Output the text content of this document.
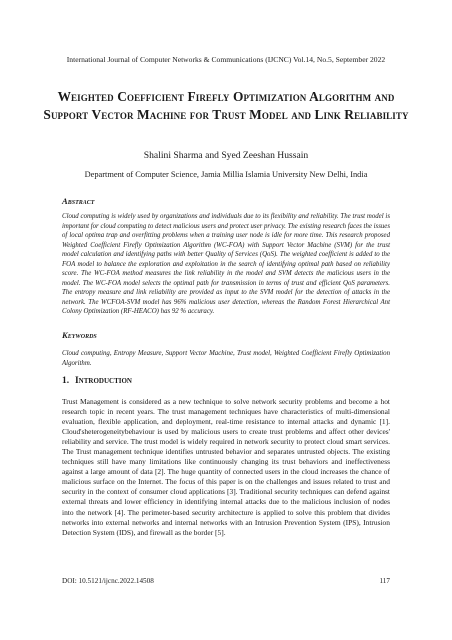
International Journal of Computer Networks & Communications (IJCNC) Vol.14, No.5, September 2022
Weighted Coefficient Firefly Optimization Algorithm and Support Vector Machine for Trust Model and Link Reliability
Shalini Sharma and Syed Zeeshan Hussain
Department of Computer Science, Jamia Millia Islamia University New Delhi, India
Abstract
Cloud computing is widely used by organizations and individuals due to its flexibility and reliability. The trust model is important for cloud computing to detect malicious users and protect user privacy. The existing research faces the issues of local optima trap and overfitting problems when a training user node is idle for more time. This research proposed Weighted Coefficient Firefly Optimization Algorithm (WC-FOA) with Support Vector Machine (SVM) for the trust model calculation and identifying paths with better Quality of Services (QoS). The weighted coefficient is added to the FOA model to balance the exploration and exploitation in the search of identifying optimal path based on reliability score. The WC-FOA method measures the link reliability in the model and SVM detects the malicious users in the model. The WC-FOA model selects the optimal path for transmission in terms of trust and efficient QoS parameters. The entropy measure and link reliability are provided as input to the SVM model for the detection of attacks in the network. The WCFOA-SVM model has 96% malicious user detection, whereas the Random Forest Hierarchical Ant Colony Optimization (RF-HEACO) has 92 % accuracy.
Keywords
Cloud computing, Entropy Measure, Support Vector Machine, Trust model, Weighted Coefficient Firefly Optimization Algorithm.
1. Introduction
Trust Management is considered as a new technique to solve network security problems and become a hot research topic in recent years. The trust management techniques have characteristics of multi-dimensional evaluation, flexible application, and deployment, real-time resistance to internal attacks and dynamic [1]. Cloud'sheterogeneitybehaviour is used by malicious users to create trust problems and affect other devices' reliability and service. The trust model is widely required in network security to protect cloud smart services. The Trust management technique identifies untrusted behavior and separates untrusted objects. The existing techniques still have many limitations like continuously changing its trust behaviors and ineffectiveness against a large amount of data [2]. The huge quantity of connected users in the cloud increases the chance of malicious surface on the Internet. The focus of this paper is on the challenges and issues related to trust and security in the context of consumer cloud applications [3]. Traditional security techniques can defend against external threats and lower efficiency in identifying internal attacks due to the malicious inclusion of nodes into the network [4]. The perimeter-based security architecture is applied to solve this problem that divides networks into external networks and internal networks with an Intrusion Prevention System (IPS), Intrusion Detection System (IDS), and firewall as the border [5].
DOI: 10.5121/ijcnc.2022.14508	117
